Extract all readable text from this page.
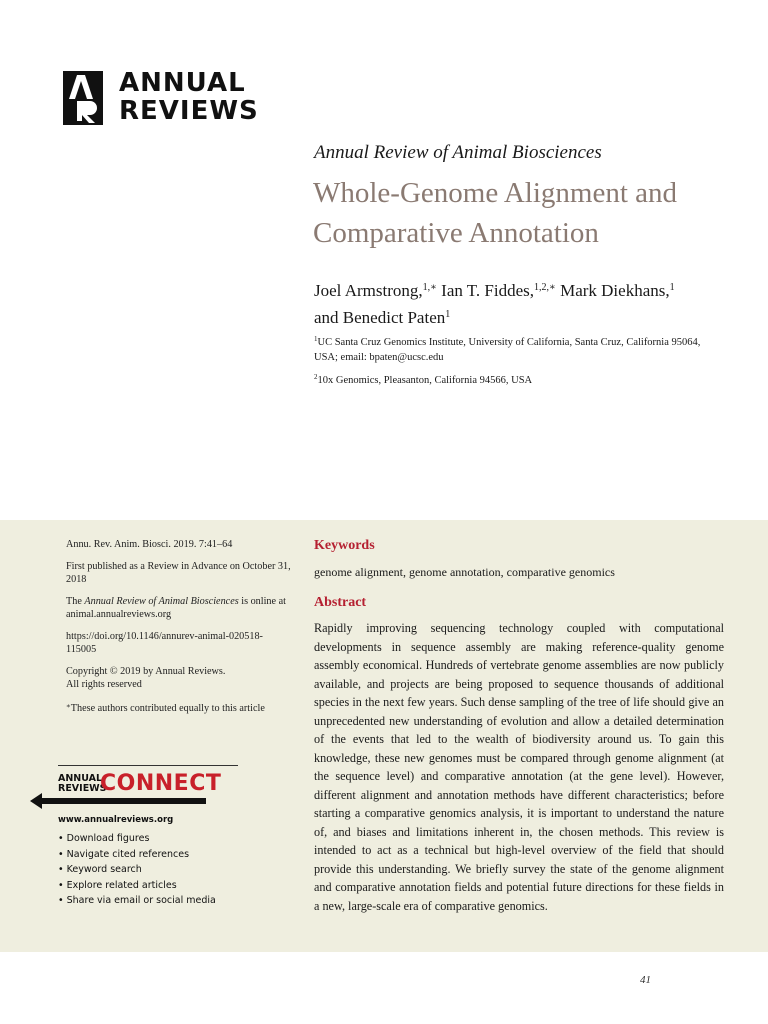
ANNUAL
REVIEWS
Annual Review of Animal Biosciences
Whole-Genome Alignment and Comparative Annotation
Joel Armstrong,$^{1,∗}$ Ian T. Fiddes,$^{1,2,∗}$ Mark Diekhans,$^1$
and Benedict Paten$^1$

$^1$UC Santa Cruz Genomics Institute, University of California, Santa Cruz, California 95064, USA; email: bpaten@ucsc.edu

$^2$10x Genomics, Pleasanton, California 94566, USA

Annu. Rev. Anim. Biosci. 2019. 7:41–64

First published as a Review in Advance on October 31, 2018

The Annual Review of Animal Biosciences is online at animal.annualreviews.org

https://doi.org/10.1146/annurev-animal-020518-115005

Copyright © 2019 by Annual Reviews.
All rights reserved

∗These authors contributed equally to this article

ANNUAL
REVIEWS
CONNECT
www.annualreviews.org
• Download figures
• Navigate cited references
• Keyword search
• Explore related articles
• Share via email or social media
Keywords
genome alignment, genome annotation, comparative genomics
Abstract
Rapidly improving sequencing technology coupled with computational developments in sequence assembly are making reference-quality genome assembly economical. Hundreds of vertebrate genome assemblies are now publicly available, and projects are being proposed to sequence thousands of additional species in the next few years. Such dense sampling of the tree of life should give an unprecedented new understanding of evolution and allow a detailed determination of the events that led to the wealth of biodiversity around us. To gain this knowledge, these new genomes must be compared through genome alignment (at the sequence level) and comparative annotation (at the gene level). However, different alignment and annotation methods have different characteristics; before starting a comparative genomics analysis, it is important to understand the nature of, and biases and limitations inherent in, the chosen methods. This review is intended to act as a technical but high-level overview of the field that should provide this understanding. We briefly survey the state of the genome alignment and comparative annotation fields and potential future directions for these fields in a new, large-scale era of comparative genomics.
41
